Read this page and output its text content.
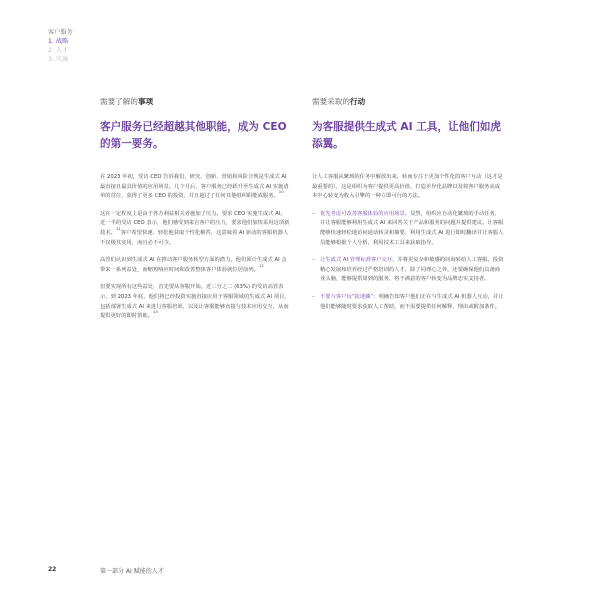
客户服务
1. 战略
2. 人才
3. 实施
需要了解的事项
客户服务已经超越其他职能，成为 CEO 的第一要务。

在 2023 年初，受访 CEO 告诉我们，研究、创新、营销和风险合规是生成式 AI 最直接且最具价值的应用场景。几个月后，客户服务已经跃升至生成式 AI 实施清单的首位，获得了更多 CEO 的投资，并且超过了任何其他组织职能或服务。$^{10}$

这在一定程度上是由于各方利益相关者施加了压力。要求 CEO 实施生成式 AI。近一半的受访 CEO 表示，他们感受到来自客户的压力，要求他们加快采用这项新技术。$^{11}$客户希望快速、轻松地获取个性化解答，这意味着 AI 驱动的客服机器人不仅极其实用，而且必不可少。

高管们认识到生成式 AI 在推动客户服务转型方面的潜力。他们预计生成式 AI 会带来一系列益处，而缩短响应时间和改善整体客户体验就位居前列。$^{12}$

但要实现所有这些益处，首先要从客服开始。近三分之二 (63%) 的受访高管表示，到 2023 年底，他们将已经投资实施直接应用于客服领域的生成式 AI 项目，包括部署生成式 AI 来进行客服培训，以及让客服能够直接与技术应用交互，从而提供更好的即时帮助。$^{13}$

需要采取的行动
为客服提供生成式 AI 工具，让他们如虎添翼。

让人工客服从繁琐的任务中解放出来，转而专注于更加个性化的客户互动（这才是最重要的），这是组织为客户提供更高价值、打造差异化品牌以及将客户服务从成本中心转变为收入引擎的一种立即可行的方法。

– 优先考虑可改善客服体验的应用场景。显然，组织应自动化繁琐的手动任务，并让客服能够利用生成式 AI 来回答关于产品和服务的问题并提供建议。让客服能够快速轻松地访问通话转录和摘要，利用生成式 AI 进行即时翻译并让客服人员能够根据个人分析，利用技术工具来获取指导。
– 让生成式 AI 管理标准客户交互，并将更复杂和敏感的问询转给人工客服。投资精心发展和培养经过严格培训的人才。除了同理心之外，还要确保他们具备商业头脑，能够提供周到的服务，将不满意的客户转变为品牌忠实支持者。
– 不要与客户玩“捉迷藏”：明确告知客户他们正在与生成式 AI 机器人互动，并让他们能够随时要求获取人工帮助，而不需要提供任何解释、理由或附加条件。
22	第一部分 AI 赋能的人才
